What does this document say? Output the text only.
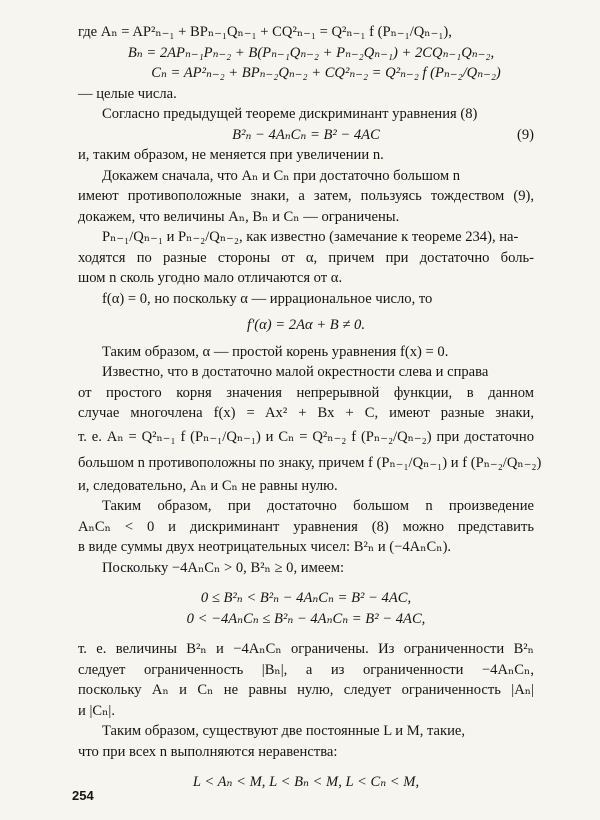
где Aₙ = AP²ₙ₋₁ + BPₙ₋₁Qₙ₋₁ + CQ²ₙ₋₁ = Q²ₙ₋₁ f (Pₙ₋₁/Qₙ₋₁),
Bₙ = 2APₙ₋₁Pₙ₋₂ + B(Pₙ₋₁Qₙ₋₂ + Pₙ₋₂Qₙ₋₁) + 2CQₙ₋₁Qₙ₋₂,
Cₙ = AP²ₙ₋₂ + BPₙ₋₂Qₙ₋₂ + CQ²ₙ₋₂ = Q²ₙ₋₂ f (Pₙ₋₂/Qₙ₋₂)
— целые числа.
Согласно предыдущей теореме дискриминант уравнения (8)
B²ₙ − 4AₙCₙ = B² − 4AC	(9)
и, таким образом, не меняется при увеличении n.
Докажем сначала, что Aₙ и Cₙ при достаточно большом n
имеют противоположные знаки, а затем, пользуясь тождеством (9),
докажем, что величины Aₙ, Bₙ и Cₙ — ограничены.
Pₙ₋₁/Qₙ₋₁ и Pₙ₋₂/Qₙ₋₂, как известно (замечание к теореме 234), на-
ходятся по разные стороны от α, причем при достаточно боль-
шом n сколь угодно мало отличаются от α.
f(α) = 0, но поскольку α — иррациональное число, то
f′(α) = 2Aα + B ≠ 0.
Таким образом, α — простой корень уравнения f(x) = 0.
Известно, что в достаточно малой окрестности слева и справа
от простого корня значения непрерывной функции, в данном
случае многочлена f(x) = Ax² + Bx + C, имеют разные знаки,
т. е. Aₙ = Q²ₙ₋₁ f (Pₙ₋₁/Qₙ₋₁) и Cₙ = Q²ₙ₋₂ f (Pₙ₋₂/Qₙ₋₂) при достаточно
большом n противоположны по знаку, причем f (Pₙ₋₁/Qₙ₋₁) и f (Pₙ₋₂/Qₙ₋₂)
и, следовательно, Aₙ и Cₙ не равны нулю.
Таким образом, при достаточно большом n произведение
AₙCₙ < 0 и дискриминант уравнения (8) можно представить
в виде суммы двух неотрицательных чисел: B²ₙ и (−4AₙCₙ).
Поскольку −4AₙCₙ > 0, B²ₙ ≥ 0, имеем:
0 ≤ B²ₙ < B²ₙ − 4AₙCₙ = B² − 4AC,
0 < −4AₙCₙ ≤ B²ₙ − 4AₙCₙ = B² − 4AC,
т. е. величины B²ₙ и −4AₙCₙ ограничены. Из ограниченности B²ₙ
следует ограниченность |Bₙ|, а из ограниченности −4AₙCₙ,
поскольку Aₙ и Cₙ не равны нулю, следует ограниченность |Aₙ|
и |Cₙ|.
Таким образом, существуют две постоянные L и M, такие,
что при всех n выполняются неравенства:
L < Aₙ < M, L < Bₙ < M, L < Cₙ < M,
254
